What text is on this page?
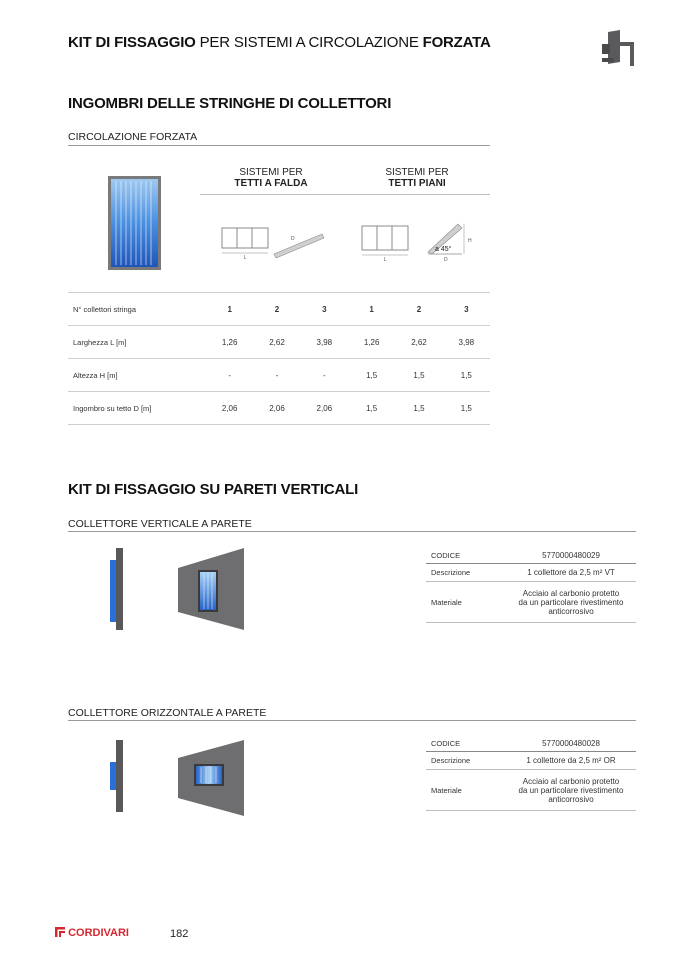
KIT DI FISSAGGIO PER SISTEMI A CIRCOLAZIONE FORZATA
INGOMBRI DELLE STRINGHE DI COLLETTORI
CIRCOLAZIONE FORZATA
SISTEMI PER
TETTI A FALDA
SISTEMI PER
TETTI PIANI
L
D
L
a 45°
H
D
N° collettori stringa	1	2	3	1	2	3
Larghezza L [m]	1,26	2,62	3,98	1,26	2,62	3,98
Altezza H [m]	-	-	-	1,5	1,5	1,5
Ingombro su tetto D [m]	2,06	2,06	2,06	1,5	1,5	1,5
KIT DI FISSAGGIO SU PARETI VERTICALI
COLLETTORE VERTICALE A PARETE
CODICE	5770000480029
Descrizione	1 collettore da 2,5 m² VT
Materiale	Acciaio al carbonio protetto
da un particolare rivestimento
anticorrosivo
COLLETTORE ORIZZONTALE A PARETE
CODICE	5770000480028
Descrizione	1 collettore da 2,5 m² OR
Materiale	Acciaio al carbonio protetto
da un particolare rivestimento
anticorrosivo
CORDIVARI	182
